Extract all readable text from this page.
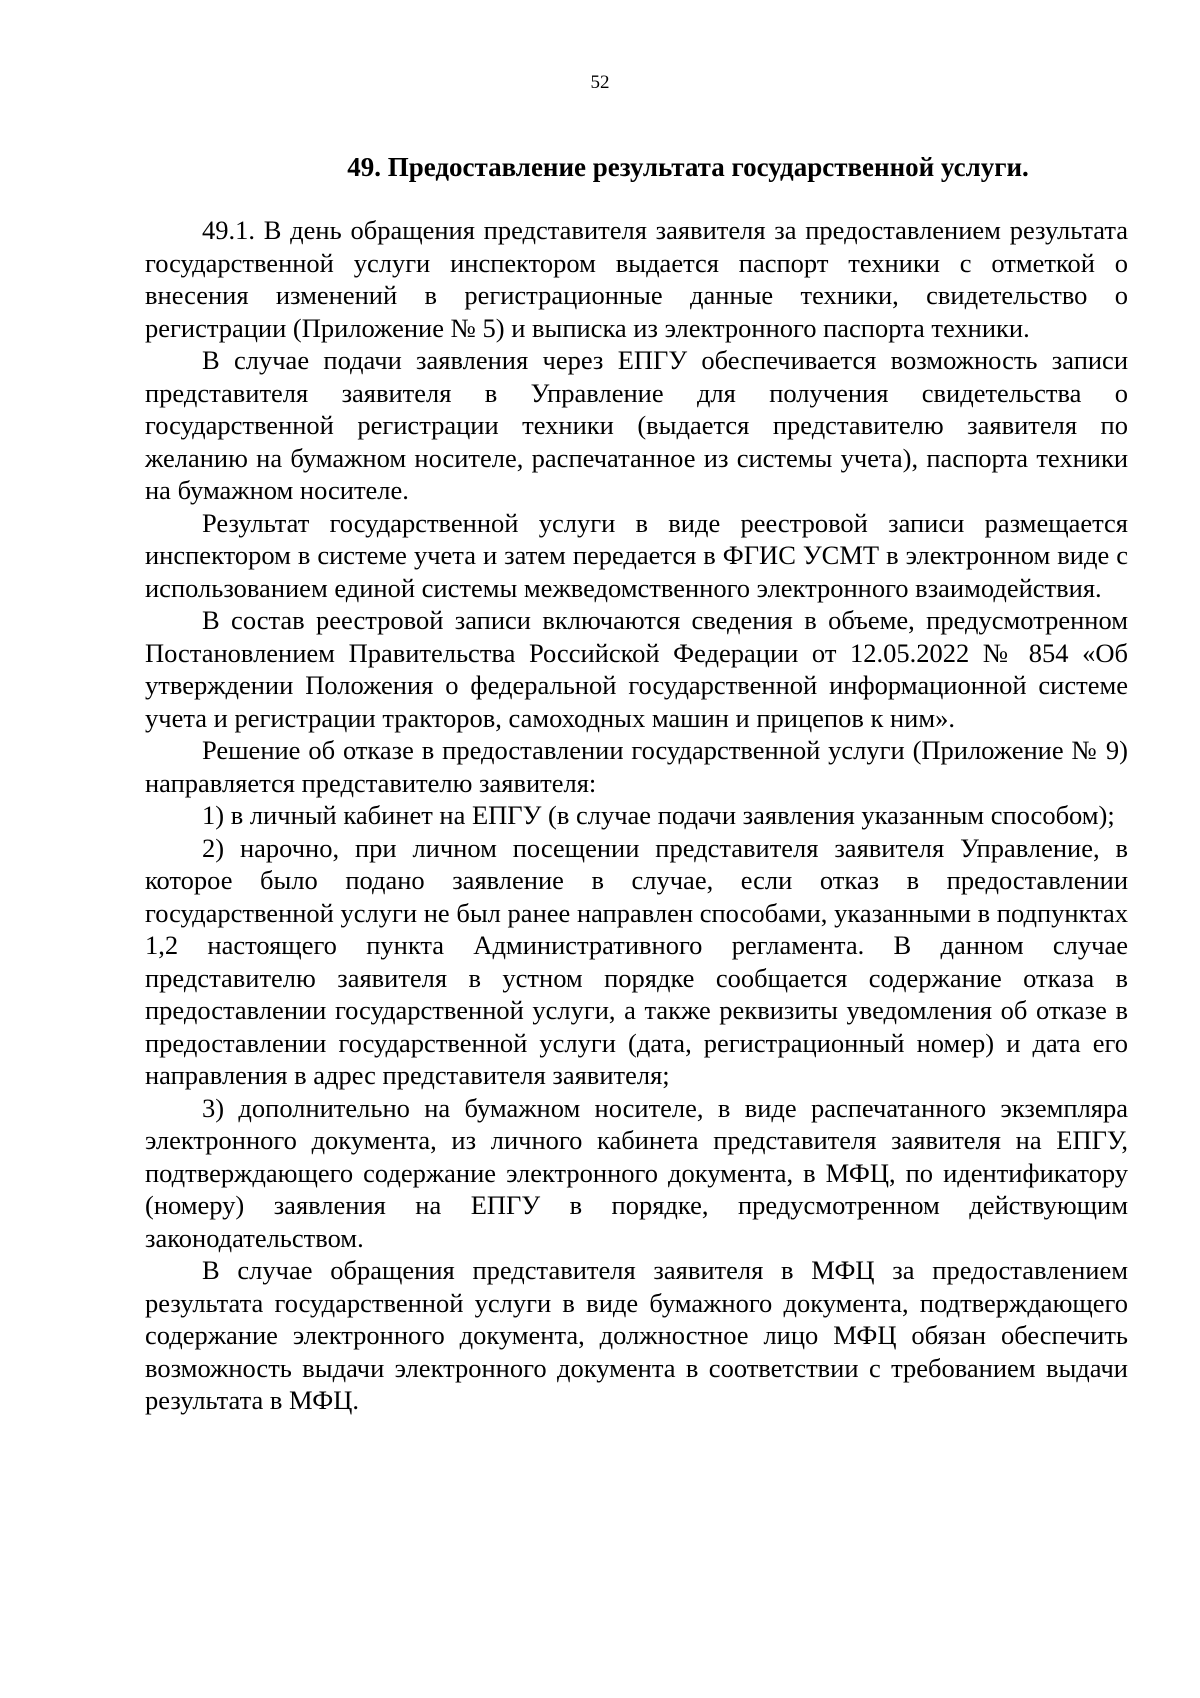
52
49. Предоставление результата государственной услуги.

49.1. В день обращения представителя заявителя за предоставлением результата государственной услуги инспектором выдается паспорт техники с отметкой о внесения изменений в регистрационные данные техники, свидетельство о регистрации (Приложение № 5) и выписка из электронного паспорта техники.

В случае подачи заявления через ЕПГУ обеспечивается возможность записи представителя заявителя в Управление для получения свидетельства о государственной регистрации техники (выдается представителю заявителя по желанию на бумажном носителе, распечатанное из системы учета), паспорта техники на бумажном носителе.

Результат государственной услуги в виде реестровой записи размещается инспектором в системе учета и затем передается в ФГИС УСМТ в электронном виде с использованием единой системы межведомственного электронного взаимодействия.

В состав реестровой записи включаются сведения в объеме, предусмотренном Постановлением Правительства Российской Федерации от 12.05.2022 № 854 «Об утверждении Положения о федеральной государственной информационной системе учета и регистрации тракторов, самоходных машин и прицепов к ним».

Решение об отказе в предоставлении государственной услуги (Приложение № 9) направляется представителю заявителя:

1) в личный кабинет на ЕПГУ (в случае подачи заявления указанным способом);

2) нарочно, при личном посещении представителя заявителя Управление, в которое было подано заявление в случае, если отказ в предоставлении государственной услуги не был ранее направлен способами, указанными в подпунктах 1,2 настоящего пункта Административного регламента. В данном случае представителю заявителя в устном порядке сообщается содержание отказа в предоставлении государственной услуги, а также реквизиты уведомления об отказе в предоставлении государственной услуги (дата, регистрационный номер) и дата его направления в адрес представителя заявителя;

3) дополнительно на бумажном носителе, в виде распечатанного экземпляра электронного документа, из личного кабинета представителя заявителя на ЕПГУ, подтверждающего содержание электронного документа, в МФЦ, по идентификатору (номеру) заявления на ЕПГУ в порядке, предусмотренном действующим законодательством.

В случае обращения представителя заявителя в МФЦ за предоставлением результата государственной услуги в виде бумажного документа, подтверждающего содержание электронного документа, должностное лицо МФЦ обязан обеспечить возможность выдачи электронного документа в соответствии с требованием выдачи результата в МФЦ.
